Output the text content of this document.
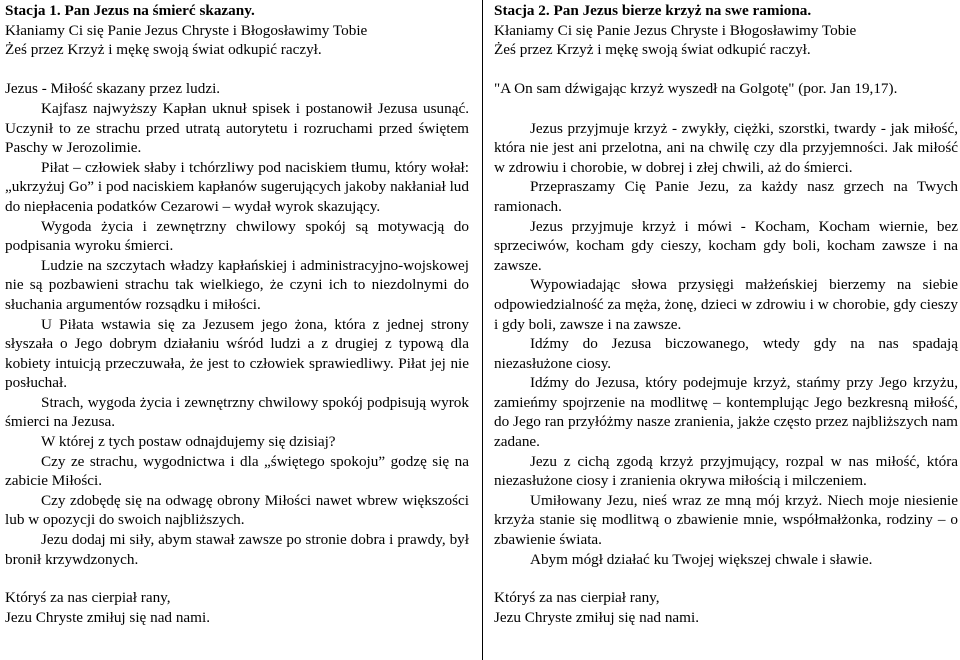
Stacja 1. Pan Jezus na śmierć skazany.
Kłaniamy Ci się Panie Jezus Chryste i Błogosławimy Tobie
Żeś przez Krzyż i mękę swoją świat odkupić raczył.
Jezus - Miłość skazany przez ludzi.

Kajfasz najwyższy Kapłan uknuł spisek i postanowił Jezusa usunąć. Uczynił to ze strachu przed utratą autorytetu i rozruchami przed świętem Paschy w Jerozolimie.

Piłat – człowiek słaby i tchórzliwy pod naciskiem tłumu, który wołał: „ukrzyżuj Go” i pod naciskiem kapłanów sugerujących jakoby nakłaniał lud do niepłacenia podatków Cezarowi – wydał wyrok skazujący.

Wygoda życia i zewnętrzny chwilowy spokój są motywacją do podpisania wyroku śmierci.

Ludzie na szczytach władzy kapłańskiej i administracyjno-wojskowej nie są pozbawieni strachu tak wielkiego, że czyni ich to niezdolnymi do słuchania argumentów rozsądku i miłości.

U Piłata wstawia się za Jezusem jego żona, która z jednej strony słyszała o Jego dobrym działaniu wśród ludzi a z drugiej z typową dla kobiety intuicją przeczuwała, że jest to człowiek sprawiedliwy. Piłat jej nie posłuchał.

Strach, wygoda życia i zewnętrzny chwilowy spokój podpisują wyrok śmierci na Jezusa.

W której z tych postaw odnajdujemy się dzisiaj?

Czy ze strachu, wygodnictwa i dla „świętego spokoju” godzę się na zabicie Miłości.

Czy zdobędę się na odwagę obrony Miłości nawet wbrew większości lub w opozycji do swoich najbliższych.

Jezu dodaj mi siły, abym stawał zawsze po stronie dobra i prawdy, był bronił krzywdzonych.

Któryś za nas cierpiał rany,
Jezu Chryste zmiłuj się nad nami.
Stacja 2. Pan Jezus bierze krzyż na swe ramiona.
Kłaniamy Ci się Panie Jezus Chryste i Błogosławimy Tobie
Żeś przez Krzyż i mękę swoją świat odkupić raczył.

"A On sam dźwigając krzyż wyszedł na Golgotę" (por. Jan 19,17).

Jezus przyjmuje krzyż - zwykły, ciężki, szorstki, twardy - jak miłość, która nie jest ani przelotna, ani na chwilę czy dla przyjemności. Jak miłość w zdrowiu i chorobie, w dobrej i złej chwili, aż do śmierci.

Przepraszamy Cię Panie Jezu, za każdy nasz grzech na Twych ramionach.

Jezus przyjmuje krzyż i mówi - Kocham, Kocham wiernie, bez sprzeciwów, kocham gdy cieszy, kocham gdy boli, kocham zawsze i na zawsze.

Wypowiadając słowa przysięgi małżeńskiej bierzemy na siebie odpowiedzialność za męża, żonę, dzieci w zdrowiu i w chorobie, gdy cieszy i gdy boli, zawsze i na zawsze.

Idźmy do Jezusa biczowanego, wtedy gdy na nas spadają niezasłużone ciosy.

Idźmy do Jezusa, który podejmuje krzyż, stańmy przy Jego krzyżu, zamieńmy spojrzenie na modlitwę – kontemplując Jego bezkresną miłość, do Jego ran przyłóżmy nasze zranienia, jakże często przez najbliższych nam zadane.

Jezu z cichą zgodą krzyż przyjmujący, rozpal w nas miłość, która niezasłużone ciosy i zranienia okrywa miłością i milczeniem.

Umiłowany Jezu, nieś wraz ze mną mój krzyż. Niech moje niesienie krzyża stanie się modlitwą o zbawienie mnie, współmałżonka, rodziny – o zbawienie świata.

Abym mógł działać ku Twojej większej chwale i sławie.

Któryś za nas cierpiał rany,
Jezu Chryste zmiłuj się nad nami.
